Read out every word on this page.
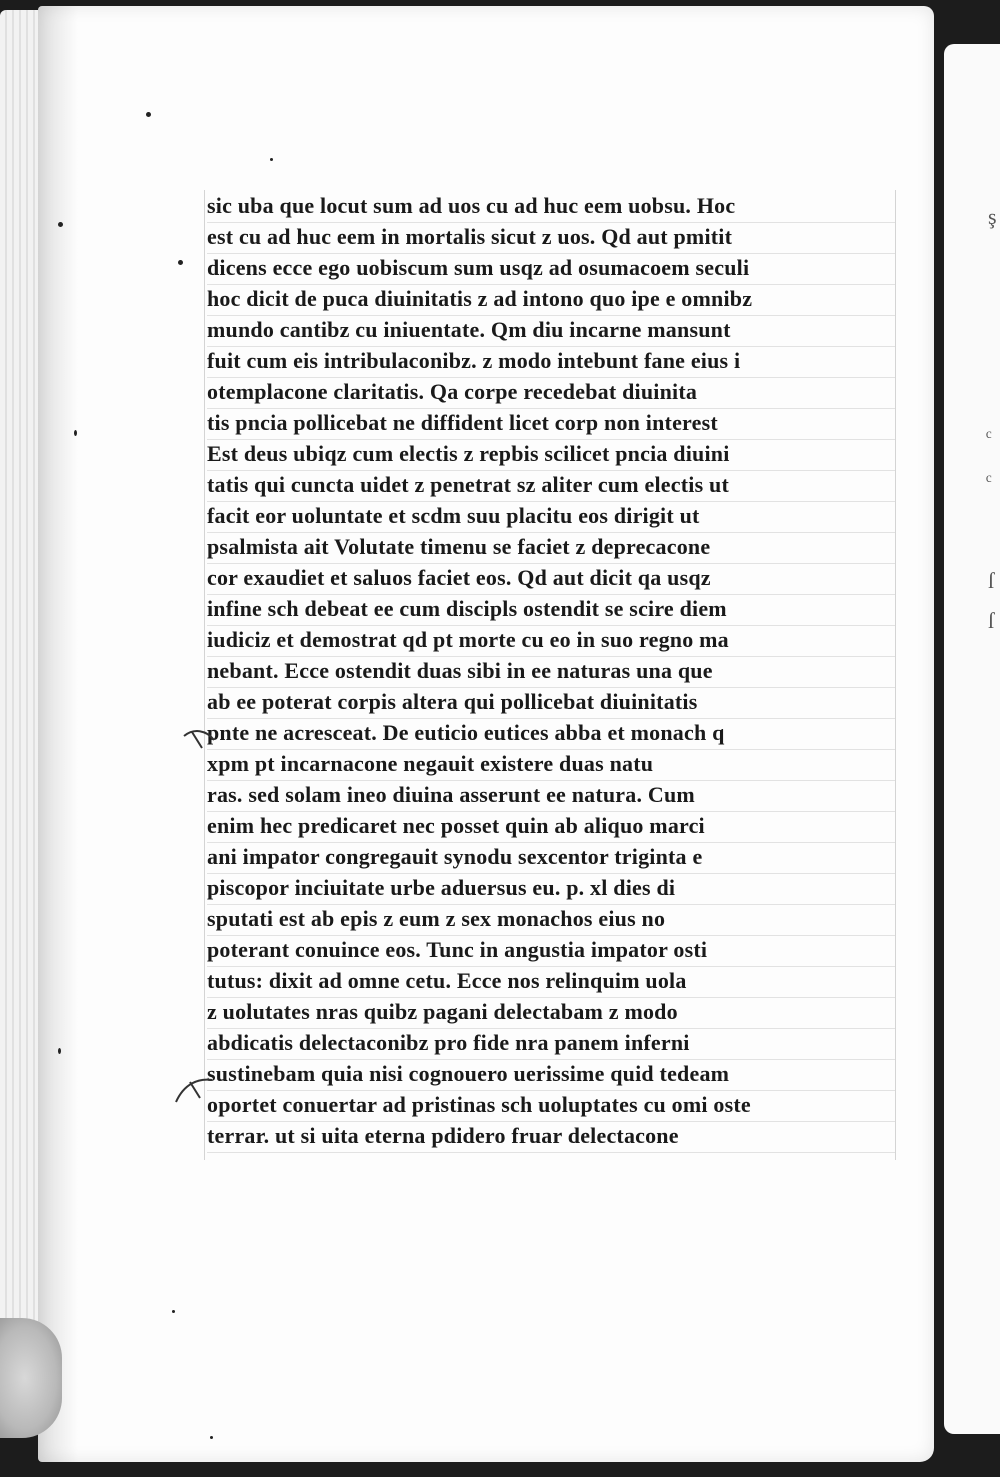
ş
ᶜ
ᶜ
ſ
ſ
sic uba que locut sum ad uos cu ad huc eem uobsu. Hoc
est cu ad huc eem in mortalis sicut z uos. Qd aut pmitit
dicens ecce ego uobiscum sum usqz ad osumacoem seculi
hoc dicit de puca diuinitatis z ad intono quo ipe e omnibz
mundo cantibz cu iniuentate. Qm diu incarne mansunt
fuit cum eis intribulaconibz. z modo intebunt fane eius i
otemplacone claritatis. Qa corpe recedebat diuinita
tis pncia pollicebat ne diffident licet corp non interest
Est deus ubiqz cum electis z repbis scilicet pncia diuini
tatis qui cuncta uidet z penetrat sz aliter cum electis ut
facit eor uoluntate et scdm suu placitu eos dirigit ut
psalmista ait Volutate timenu se faciet z deprecacone
cor exaudiet et saluos faciet eos. Qd aut dicit qa usqz
infine sch debeat ee cum discipls ostendit se scire diem
iudiciz et demostrat qd pt morte cu eo in suo regno ma
nebant. Ecce ostendit duas sibi in ee naturas una que
ab ee poterat corpis altera qui pollicebat diuinitatis
pnte ne acresceat. De euticio eutices abba et monach q
xpm pt incarnacone negauit existere duas natu
ras. sed solam ineo diuina asserunt ee natura. Cum
enim hec predicaret nec posset quin ab aliquo marci
ani impator congregauit synodu sexcentor triginta e
piscopor inciuitate urbe aduersus eu. p. xl dies di
sputati est ab epis z eum z sex monachos eius no
poterant conuince eos. Tunc in angustia impator osti
tutus: dixit ad omne cetu. Ecce nos relinquim uola
z uolutates nras quibz pagani delectabam z modo
abdicatis delectaconibz pro fide nra panem inferni
sustinebam quia nisi cognouero uerissime quid tedeam
oportet conuertar ad pristinas sch uoluptates cu omi oste
terrar. ut si uita eterna pdidero fruar delectacone
